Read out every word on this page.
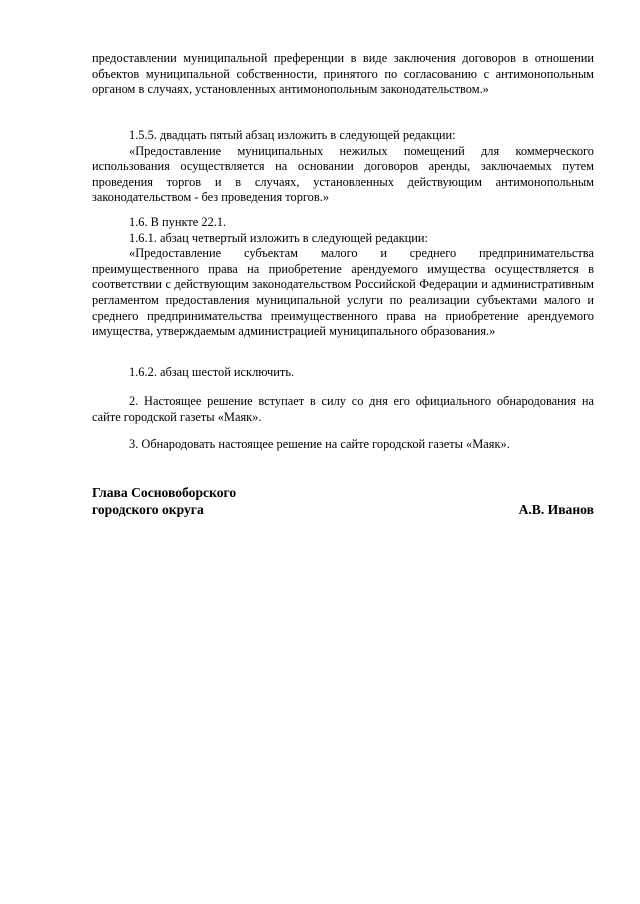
предоставлении муниципальной преференции в виде заключения договоров в отношении объектов муниципальной собственности, принятого по согласованию с антимонопольным органом в случаях, установленных антимонопольным законодательством.»

1.5.5. двадцать пятый абзац изложить в следующей редакции:

«Предоставление муниципальных нежилых помещений для коммерческого использования осуществляется на основании договоров аренды, заключаемых путем проведения торгов и в случаях, установленных действующим антимонопольным законодательством - без проведения торгов.»

1.6. В пункте 22.1.

1.6.1. абзац четвертый изложить в следующей редакции:

«Предоставление субъектам малого и среднего предпринимательства преимущественного права на приобретение арендуемого имущества осуществляется в соответствии с действующим законодательством Российской Федерации и административным регламентом предоставления муниципальной услуги по реализации субъектами малого и среднего предпринимательства преимущественного права на приобретение арендуемого имущества, утверждаемым администрацией муниципального образования.»

1.6.2. абзац шестой исключить.

2. Настоящее решение вступает в силу со дня его официального обнародования на сайте городской газеты «Маяк».

3. Обнародовать настоящее решение на сайте городской газеты «Маяк».

Глава Сосновоборского
городского округа	А.В. Иванов
